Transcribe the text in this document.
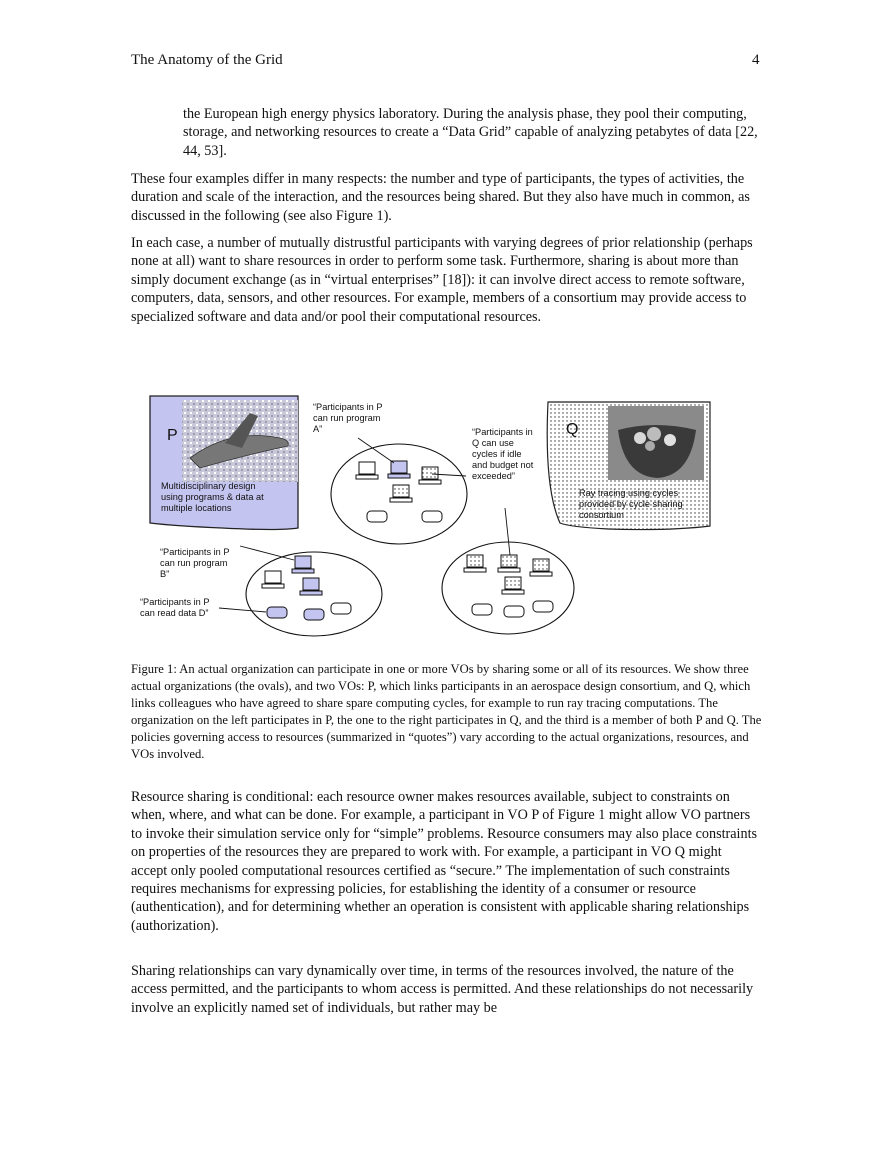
The Anatomy of the Grid	4

the European high energy physics laboratory. During the analysis phase, they pool their computing, storage, and networking resources to create a “Data Grid” capable of analyzing petabytes of data [22, 44, 53].

These four examples differ in many respects: the number and type of participants, the types of activities, the duration and scale of the interaction, and the resources being shared. But they also have much in common, as discussed in the following (see also Figure 1).

In each case, a number of mutually distrustful participants with varying degrees of prior relationship (perhaps none at all) want to share resources in order to perform some task. Furthermore, sharing is about more than simply document exchange (as in “virtual enterprises” [18]): it can involve direct access to remote software, computers, data, sensors, and other resources. For example, members of a consortium may provide access to specialized software and data and/or pool their computational resources.

P
Multidisciplinary design using programs & data at multiple locations
Q
Ray tracing using cycles provided by cycle sharing consortium
“Participants in P can run program A”	“Participants in Q can use cycles if idle and budget not exceeded”
“Participants in P can run program B”
“Participants in P can read data D”

Figure 1: An actual organization can participate in one or more VOs by sharing some or all of its resources. We show three actual organizations (the ovals), and two VOs: P, which links participants in an aerospace design consortium, and Q, which links colleagues who have agreed to share spare computing cycles, for example to run ray tracing computations. The organization on the left participates in P, the one to the right participates in Q, and the third is a member of both P and Q. The policies governing access to resources (summarized in “quotes”) vary according to the actual organizations, resources, and VOs involved.

Resource sharing is conditional: each resource owner makes resources available, subject to constraints on when, where, and what can be done. For example, a participant in VO P of Figure 1 might allow VO partners to invoke their simulation service only for “simple” problems. Resource consumers may also place constraints on properties of the resources they are prepared to work with. For example, a participant in VO Q might accept only pooled computational resources certified as “secure.” The implementation of such constraints requires mechanisms for expressing policies, for establishing the identity of a consumer or resource (authentication), and for determining whether an operation is consistent with applicable sharing relationships (authorization).

Sharing relationships can vary dynamically over time, in terms of the resources involved, the nature of the access permitted, and the participants to whom access is permitted. And these relationships do not necessarily involve an explicitly named set of individuals, but rather may be
